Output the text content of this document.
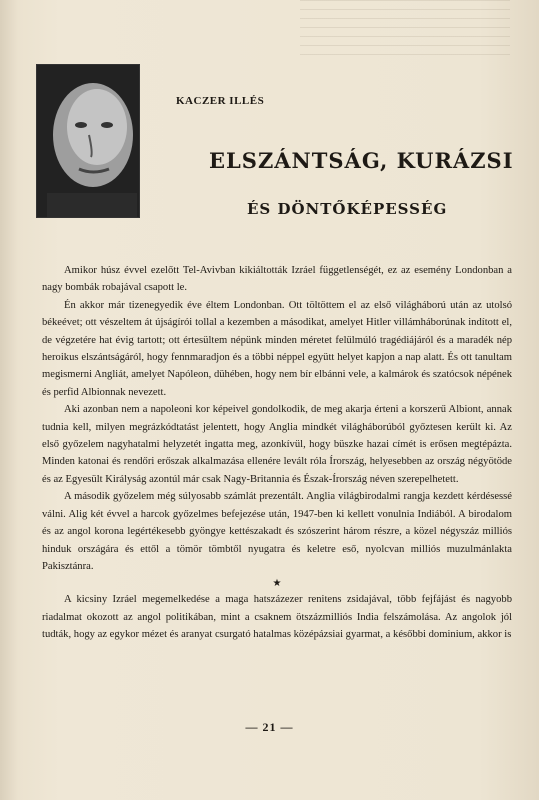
KACZER ILLÉS
ELSZÁNTSÁG, KURÁZSI
ÉS DÖNTŐKÉPESSÉG

Amikor húsz évvel ezelőtt Tel-Avivban kikiáltották Izráel függetlenségét, ez az esemény Londonban a nagy bombák robajával csapott le.

Én akkor már tizenegyedik éve éltem Londonban. Ott töltöttem el az első világháború után az utolsó békeévet; ott vészeltem át újságírói tollal a kezemben a másodikat, amelyet Hitler villámháborúnak indított el, de végzetére hat évig tartott; ott értesültem népünk minden méretet felülmúló tragédiájáról és a maradék nép heroikus elszántságáról, hogy fennmaradjon és a többi néppel együtt helyet kapjon a nap alatt. És ott tanultam megismerni Angliát, amelyet Napóleon, dühében, hogy nem bír elbánni vele, a kalmárok és szatócsok népének és perfid Albionnak nevezett.

Aki azonban nem a napoleoni kor képeivel gondolkodik, de meg akarja érteni a korszerű Albiont, annak tudnia kell, milyen megrázkódtatást jelentett, hogy Anglia mindkét világháborúból győztesen került ki. Az első győzelem nagyhatalmi helyzetét ingatta meg, azonkívül, hogy büszke hazai címét is erősen megtépázta. Minden katonai és rendőri erőszak alkalmazása ellenére levált róla Írország, helyesebben az ország négyötöde és az Egyesült Királyság azontúl már csak Nagy-Britannia és Észak-Írország néven szerepelhetett.

A második győzelem még súlyosabb számlát prezentált. Anglia világbirodalmi rangja kezdett kérdésessé válni. Alig két évvel a harcok győzelmes befejezése után, 1947-ben ki kellett vonulnia Indiából. A birodalom és az angol korona legértékesebb gyöngye kettészakadt és szószerint három részre, a közel négyszáz milliós hinduk országára és ettől a tömör tömbtől nyugatra és keletre eső, nyolcvan milliós muzulmánlakta Pakisztánra.

★

A kicsiny Izráel megemelkedése a maga hatszázezer renitens zsidajával, több fejfájást és nagyobb riadalmat okozott az angol politikában, mint a csaknem ötszázmilliós India felszámolása. Az angolok jól tudták, hogy az egykor mézet és aranyat csurgató hatalmas középázsiai gyarmat, a későbbi dominium, akkor is

— 21 —
